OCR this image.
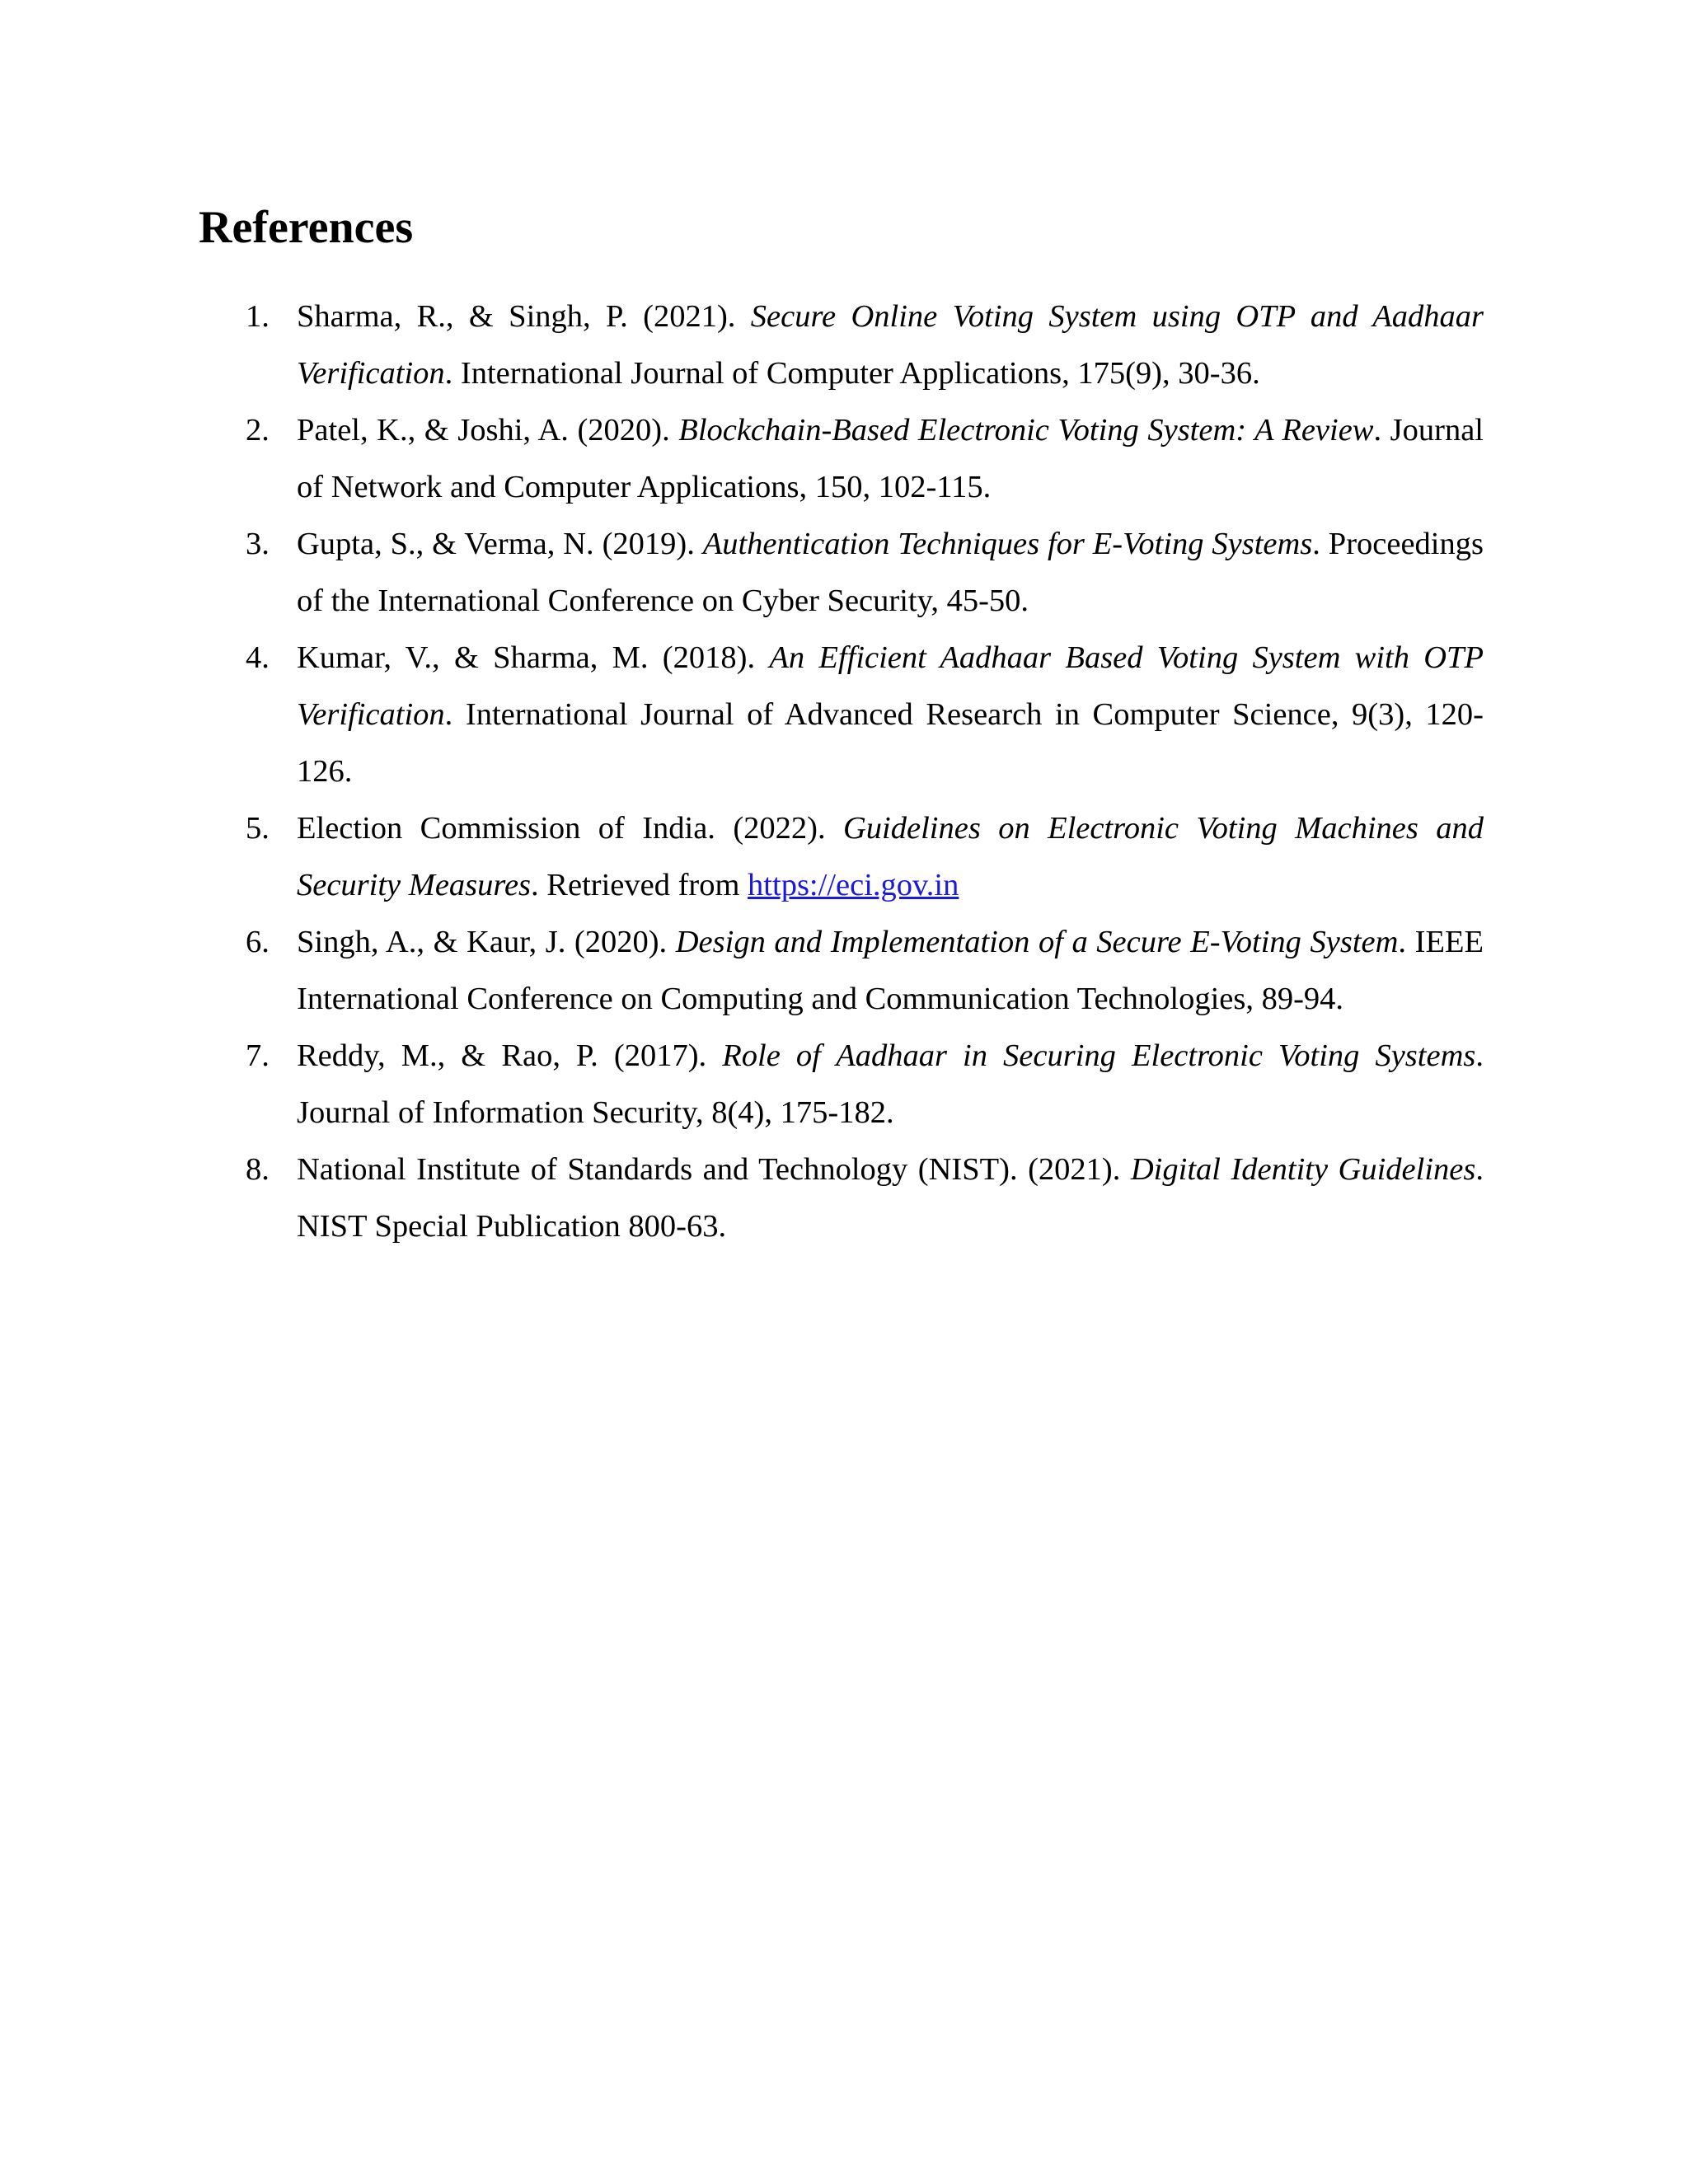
References
1. Sharma, R., & Singh, P. (2021). Secure Online Voting System using OTP and Aadhaar Verification. International Journal of Computer Applications, 175(9), 30-36.
2. Patel, K., & Joshi, A. (2020). Blockchain-Based Electronic Voting System: A Review. Journal of Network and Computer Applications, 150, 102-115.
3. Gupta, S., & Verma, N. (2019). Authentication Techniques for E-Voting Systems. Proceedings of the International Conference on Cyber Security, 45-50.
4. Kumar, V., & Sharma, M. (2018). An Efficient Aadhaar Based Voting System with OTP Verification. International Journal of Advanced Research in Computer Science, 9(3), 120-126.
5. Election Commission of India. (2022). Guidelines on Electronic Voting Machines and Security Measures. Retrieved from https://eci.gov.in
6. Singh, A., & Kaur, J. (2020). Design and Implementation of a Secure E-Voting System. IEEE International Conference on Computing and Communication Technologies, 89-94.
7. Reddy, M., & Rao, P. (2017). Role of Aadhaar in Securing Electronic Voting Systems. Journal of Information Security, 8(4), 175-182.
8. National Institute of Standards and Technology (NIST). (2021). Digital Identity Guidelines. NIST Special Publication 800-63.
